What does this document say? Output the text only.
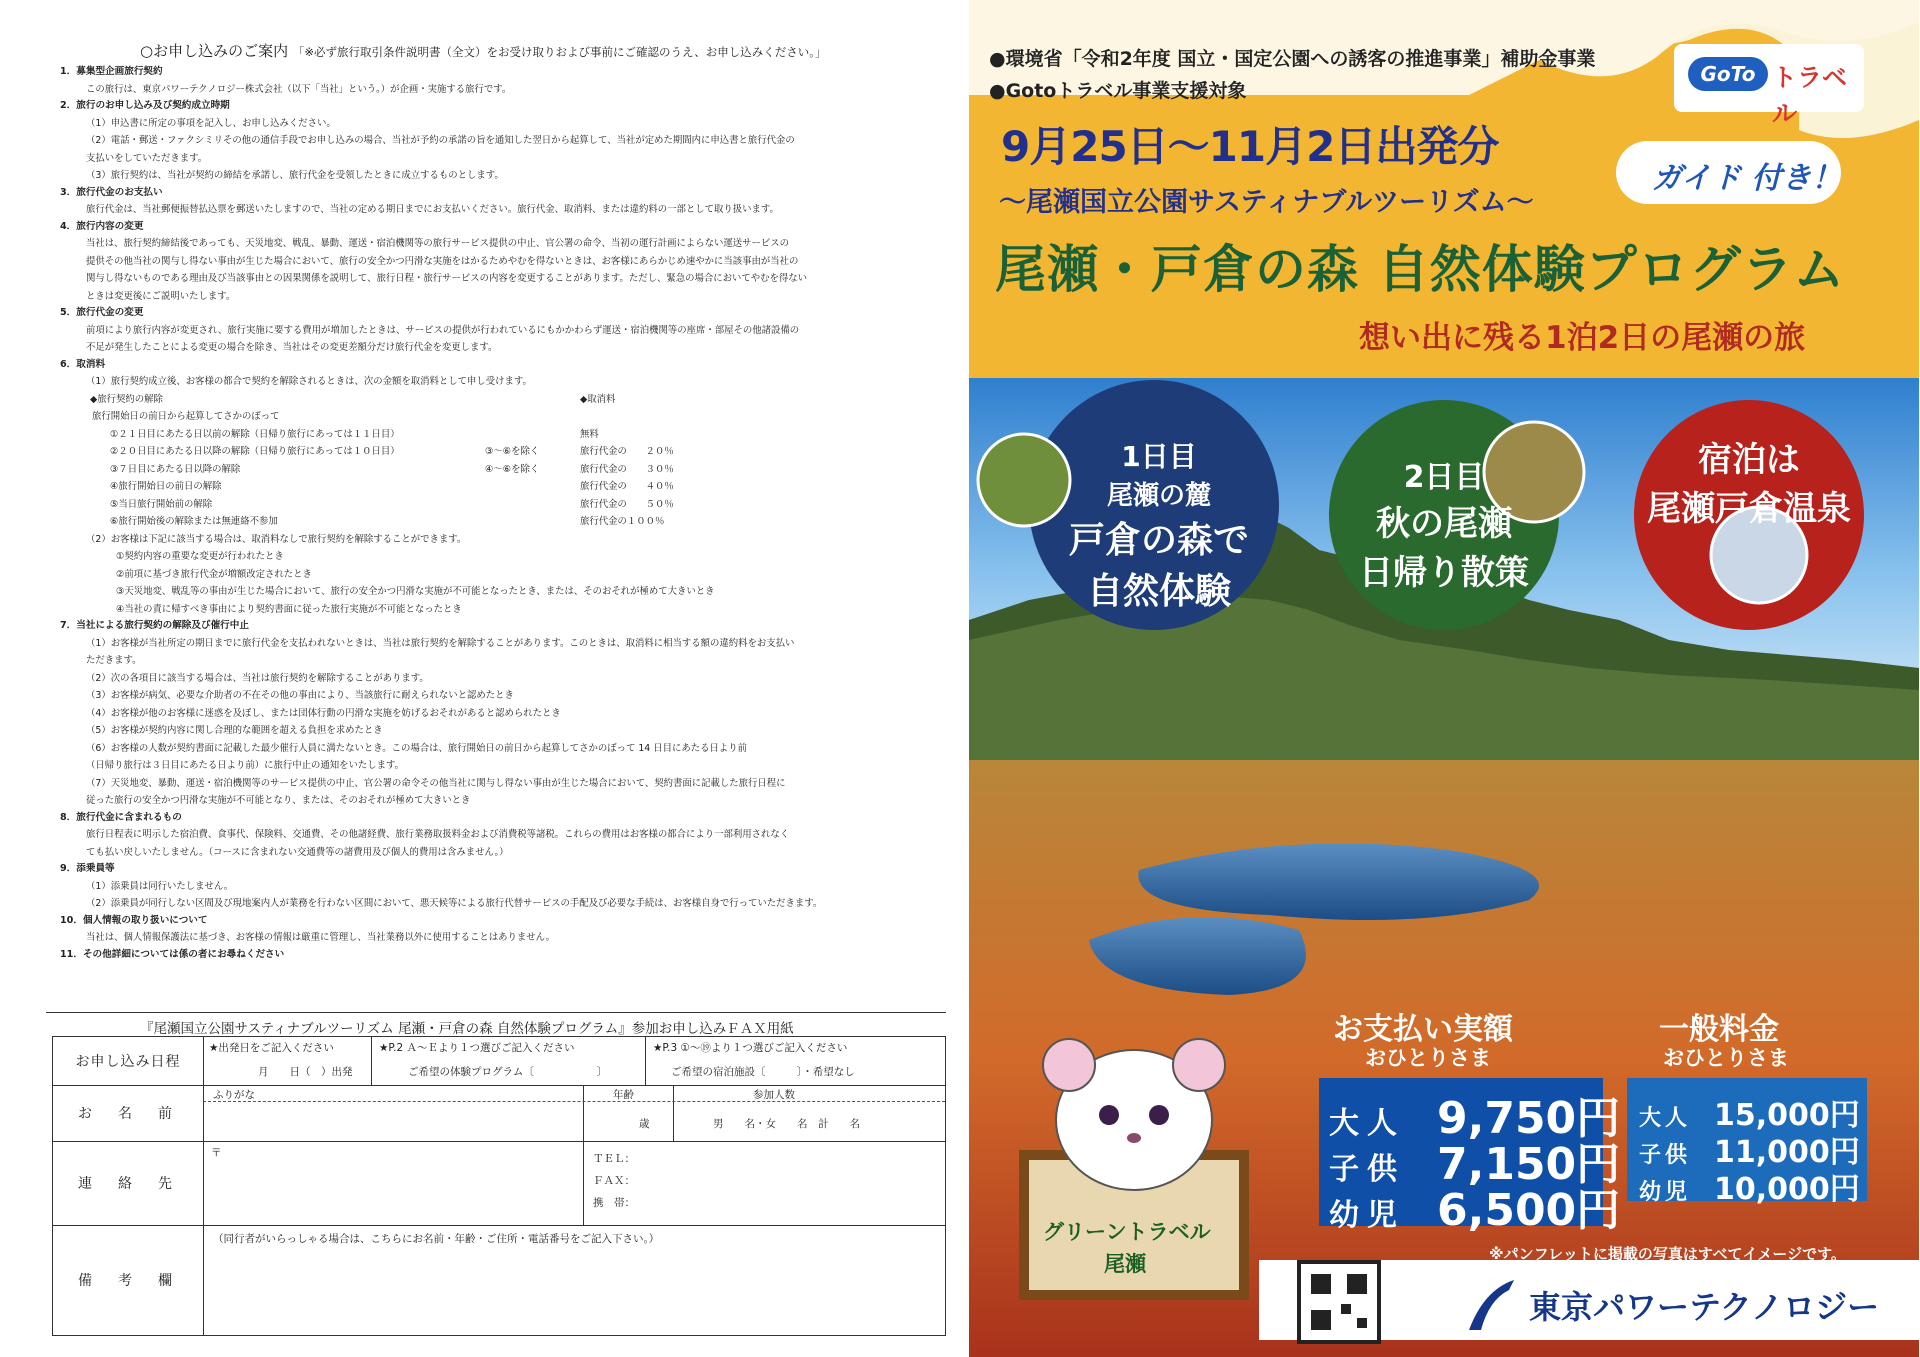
○お申し込みのご案内 「※必ず旅行取引条件説明書（全文）をお受け取りおよび事前にご確認のうえ、お申し込みください。」
1．募集型企画旅行契約
この旅行は、東京パワーテクノロジー株式会社（以下「当社」という。）が企画・実施する旅行です。
2．旅行のお申し込み及び契約成立時期
（1）申込書に所定の事項を記入し、お申し込みください。
（2）電話・郵送・ファクシミリその他の通信手段でお申し込みの場合、当社が予約の承諾の旨を通知した翌日から起算して、当社が定めた期間内に申込書と旅行代金の
支払いをしていただきます。
（3）旅行契約は、当社が契約の締結を承諾し、旅行代金を受領したときに成立するものとします。
3．旅行代金のお支払い
旅行代金は、当社郵便振替払込票を郵送いたしますので、当社の定める期日までにお支払いください。旅行代金、取消料、または違約料の一部として取り扱います。
4．旅行内容の変更
当社は、旅行契約締結後であっても、天災地変、戦乱、暴動、運送・宿泊機関等の旅行サービス提供の中止、官公署の命令、当初の運行計画によらない運送サービスの
提供その他当社の関与し得ない事由が生じた場合において、旅行の安全かつ円滑な実施をはかるためやむを得ないときは、お客様にあらかじめ速やかに当該事由が当社の
関与し得ないものである理由及び当該事由との因果関係を説明して、旅行日程・旅行サービスの内容を変更することがあります。ただし、緊急の場合においてやむを得ない
ときは変更後にご説明いたします。
5．旅行代金の変更
前項により旅行内容が変更され、旅行実施に要する費用が増加したときは、サービスの提供が行われているにもかかわらず運送・宿泊機関等の座席・部屋その他諸設備の
不足が発生したことによる変更の場合を除き、当社はその変更差額分だけ旅行代金を変更します。
6．取消料
（1）旅行契約成立後、お客様の都合で契約を解除されるときは、次の金額を取消料として申し受けます。
◆旅行契約の解除	◆取消料
旅行開始日の前日から起算してさかのぼって
①２１日目にあたる日以前の解除（日帰り旅行にあっては１１日目）	無料
②２０日目にあたる日以降の解除（日帰り旅行にあっては１０日目）	③～⑥を除く	旅行代金の　　２０％
③７日目にあたる日以降の解除	④～⑥を除く	旅行代金の　　３０％
④旅行開始日の前日の解除	旅行代金の　　４０％
⑤当日旅行開始前の解除	旅行代金の　　５０％
⑥旅行開始後の解除または無連絡不参加	旅行代金の１００％
（2）お客様は下記に該当する場合は、取消料なしで旅行契約を解除することができます。
①契約内容の重要な変更が行われたとき
②前項に基づき旅行代金が増額改定されたとき
③天災地変、戦乱等の事由が生じた場合において、旅行の安全かつ円滑な実施が不可能となったとき、または、そのおそれが極めて大きいとき
④当社の責に帰すべき事由により契約書面に従った旅行実施が不可能となったとき
7．当社による旅行契約の解除及び催行中止
（1）お客様が当社所定の期日までに旅行代金を支払われないときは、当社は旅行契約を解除することがあります。このときは、取消料に相当する額の違約料をお支払い
ただきます。
（2）次の各項目に該当する場合は、当社は旅行契約を解除することがあります。
（3）お客様が病気、必要な介助者の不在その他の事由により、当該旅行に耐えられないと認めたとき
（4）お客様が他のお客様に迷惑を及ぼし、または団体行動の円滑な実施を妨げるおそれがあると認められたとき
（5）お客様が契約内容に関し合理的な範囲を超える負担を求めたとき
（6）お客様の人数が契約書面に記載した最少催行人員に満たないとき。この場合は、旅行開始日の前日から起算してさかのぼって 14 日目にあたる日より前
（日帰り旅行は３日目にあたる日より前）に旅行中止の通知をいたします。
（7）天災地変、暴動、運送・宿泊機関等のサービス提供の中止、官公署の命令その他当社に関与し得ない事由が生じた場合において、契約書面に記載した旅行日程に
従った旅行の安全かつ円滑な実施が不可能となり、または、そのおそれが極めて大きいとき
8．旅行代金に含まれるもの
旅行日程表に明示した宿泊費、食事代、保険料、交通費、その他諸経費、旅行業務取扱料金および消費税等諸税。これらの費用はお客様の都合により一部利用されなく
ても払い戻しいたしません。（コースに含まれない交通費等の諸費用及び個人的費用は含みません。）
9．添乗員等
（1）添乗員は同行いたしません。
（2）添乗員が同行しない区間及び現地案内人が業務を行わない区間において、悪天候等による旅行代替サービスの手配及び必要な手続は、お客様自身で行っていただきます。
10．個人情報の取り扱いについて
当社は、個人情報保護法に基づき、お客様の情報は厳重に管理し、当社業務以外に使用することはありません。
11．その他詳細については係の者にお尋ねください
『尾瀬国立公園サスティナブルツーリズム 尾瀬・戸倉の森 自然体験プログラム』参加お申し込みＦＡＸ用紙
お申し込み日程
★出発日をご記入ください
月　　日（　）出発
★P.2 Ａ～Ｅより１つ選びご記入ください
ご希望の体験プログラム〔　　　　　　〕
★P.3 ①～⑲より１つ選びご記入ください
ご希望の宿泊施設〔　　　〕・希望なし
お　名　前
ふりがな	年齢	参加人数
歳	男　　名・女　　名　計　　名
連　絡　先
〒	ＴＥＬ：
ＦＡＸ：
携　帯：
備　考　欄
（同行者がいらっしゃる場合は、こちらにお名前・年齢・ご住所・電話番号をご記入下さい。）
●環境省「令和2年度 国立・国定公園への誘客の推進事業」補助金事業
●Gotoトラベル事業支援対象
GoTo トラベル
9月25日～11月2日出発分
ガイド 付き！
～尾瀬国立公園サスティナブルツーリズム～
尾瀬・戸倉の森 自然体験プログラム
想い出に残る1泊2日の尾瀬の旅
1日目
尾瀬の麓
戸倉の森で
自然体験
2日目
秋の尾瀬
日帰り散策
宿泊は
尾瀬戸倉温泉
お支払い実額
おひとりさま
一般料金
おひとりさま
大人 9,750円
子供 7,150円
幼児 6,500円
大人 15,000円
子供 11,000円
幼児 10,000円
グリーントラベル
尾瀬	※パンフレットに掲載の写真はすべてイメージです。
東京パワーテクノロジー
